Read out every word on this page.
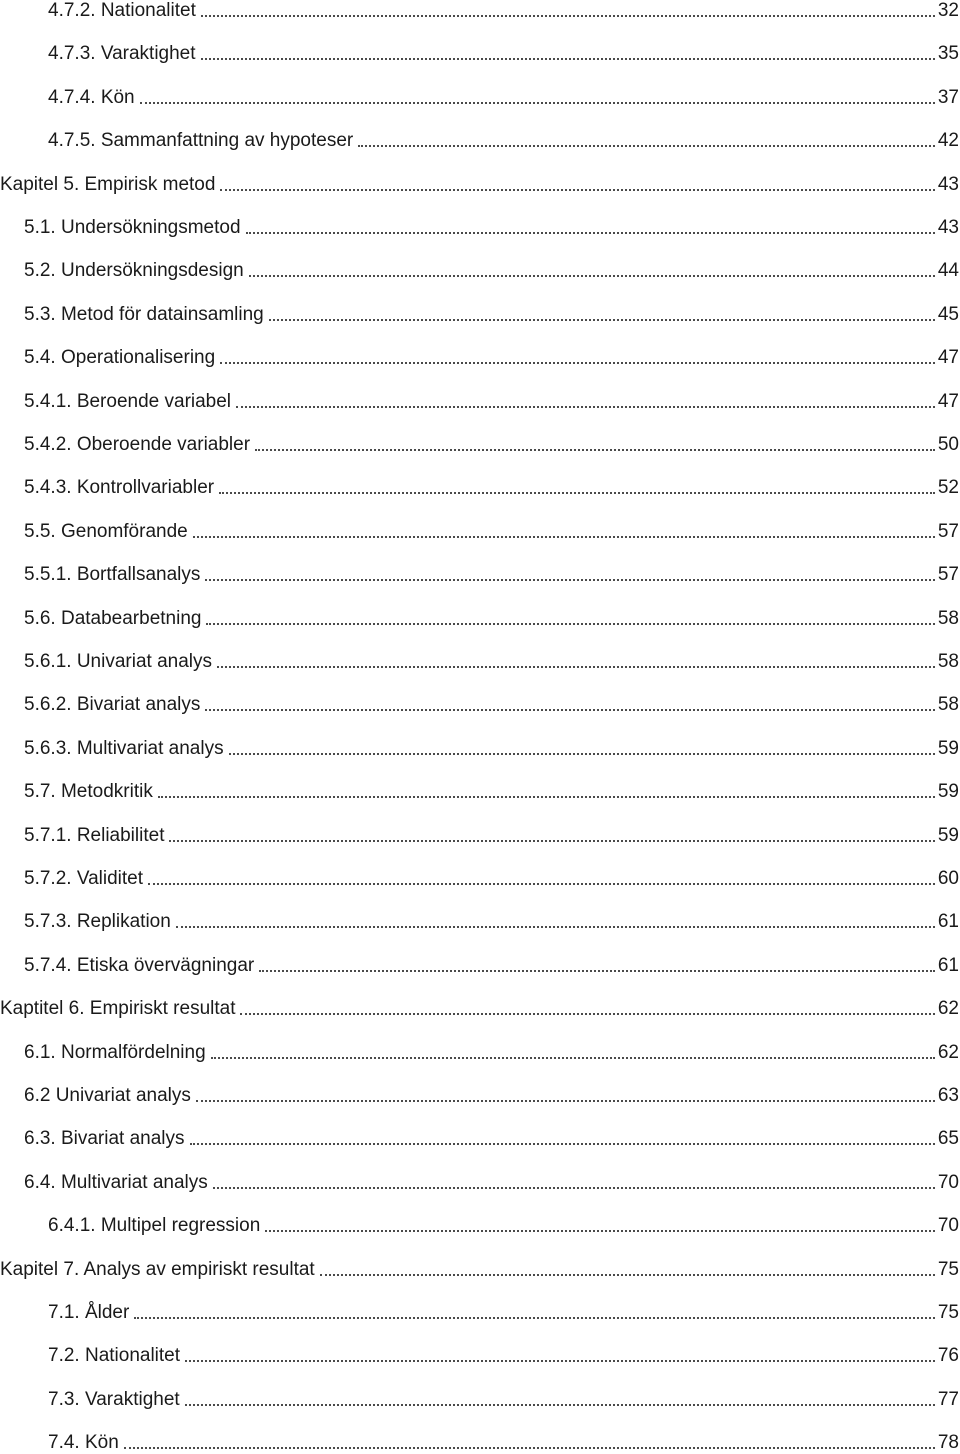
4.7.2. Nationalitet	32
4.7.3. Varaktighet	35
4.7.4. Kön	37
4.7.5. Sammanfattning av hypoteser	42
Kapitel 5. Empirisk metod	43
5.1. Undersökningsmetod	43
5.2. Undersökningsdesign	44
5.3. Metod för datainsamling	45
5.4. Operationalisering	47
5.4.1. Beroende variabel	47
5.4.2. Oberoende variabler	50
5.4.3. Kontrollvariabler	52
5.5. Genomförande	57
5.5.1. Bortfallsanalys	57
5.6. Databearbetning	58
5.6.1. Univariat analys	58
5.6.2. Bivariat analys	58
5.6.3. Multivariat analys	59
5.7. Metodkritik	59
5.7.1. Reliabilitet	59
5.7.2. Validitet	60
5.7.3. Replikation	61
5.7.4. Etiska övervägningar	61
Kaptitel 6. Empiriskt resultat	62
6.1. Normalfördelning	62
6.2 Univariat analys	63
6.3. Bivariat analys	65
6.4. Multivariat analys	70
6.4.1. Multipel regression	70
Kapitel 7. Analys av empiriskt resultat	75
7.1. Ålder	75
7.2. Nationalitet	76
7.3. Varaktighet	77
7.4. Kön	78
